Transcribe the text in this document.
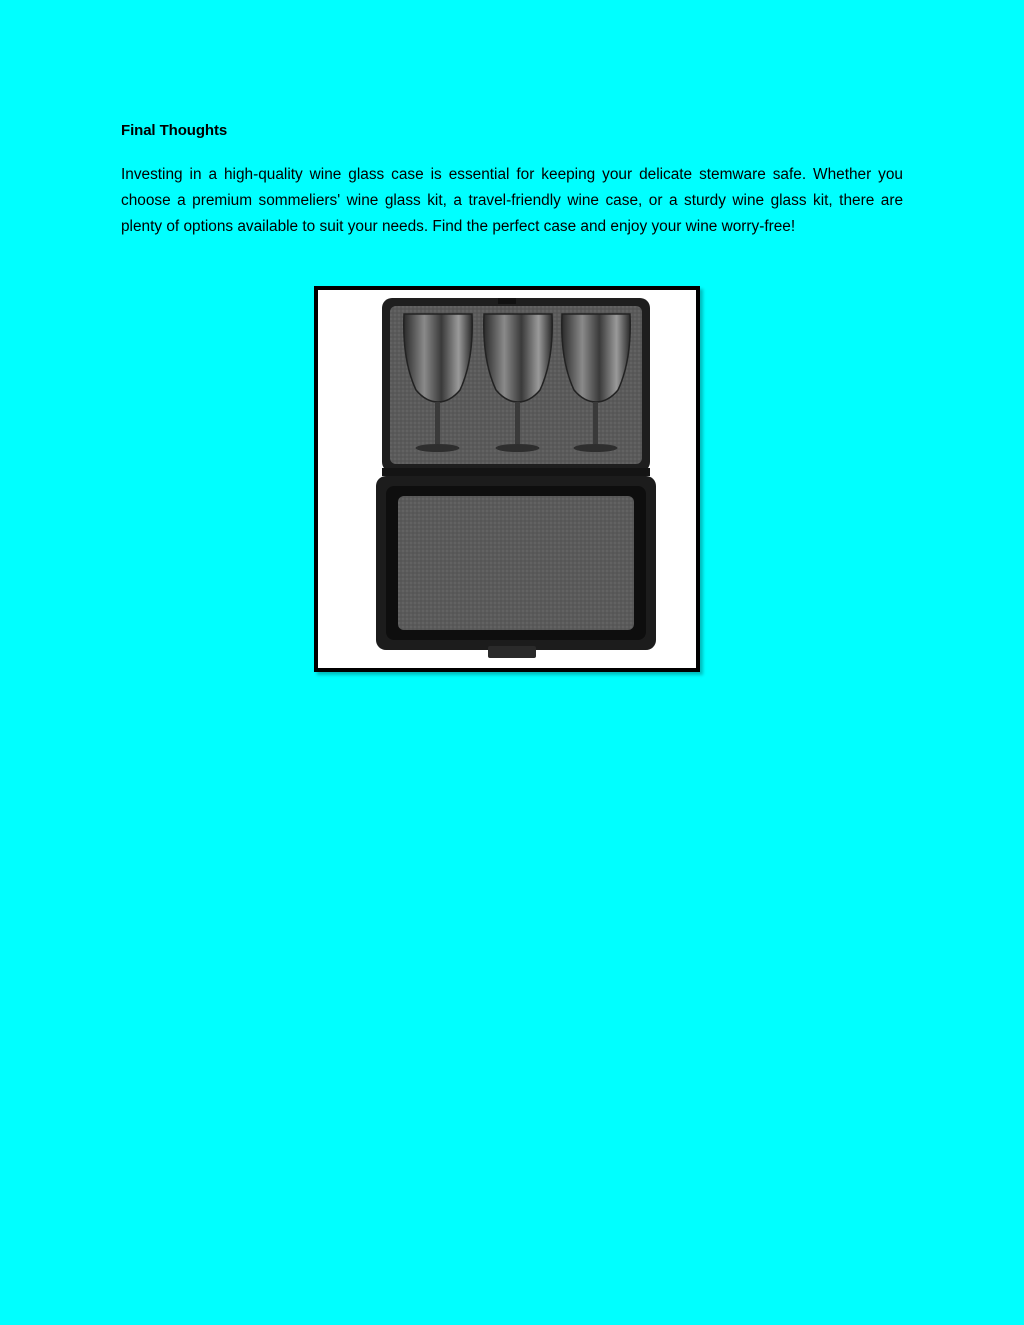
Final Thoughts

Investing in a high-quality wine glass case is essential for keeping your delicate stemware safe. Whether you choose a premium sommeliers' wine glass kit, a travel-friendly wine case, or a sturdy wine glass kit, there are plenty of options available to suit your needs. Find the perfect case and enjoy your wine worry-free!
